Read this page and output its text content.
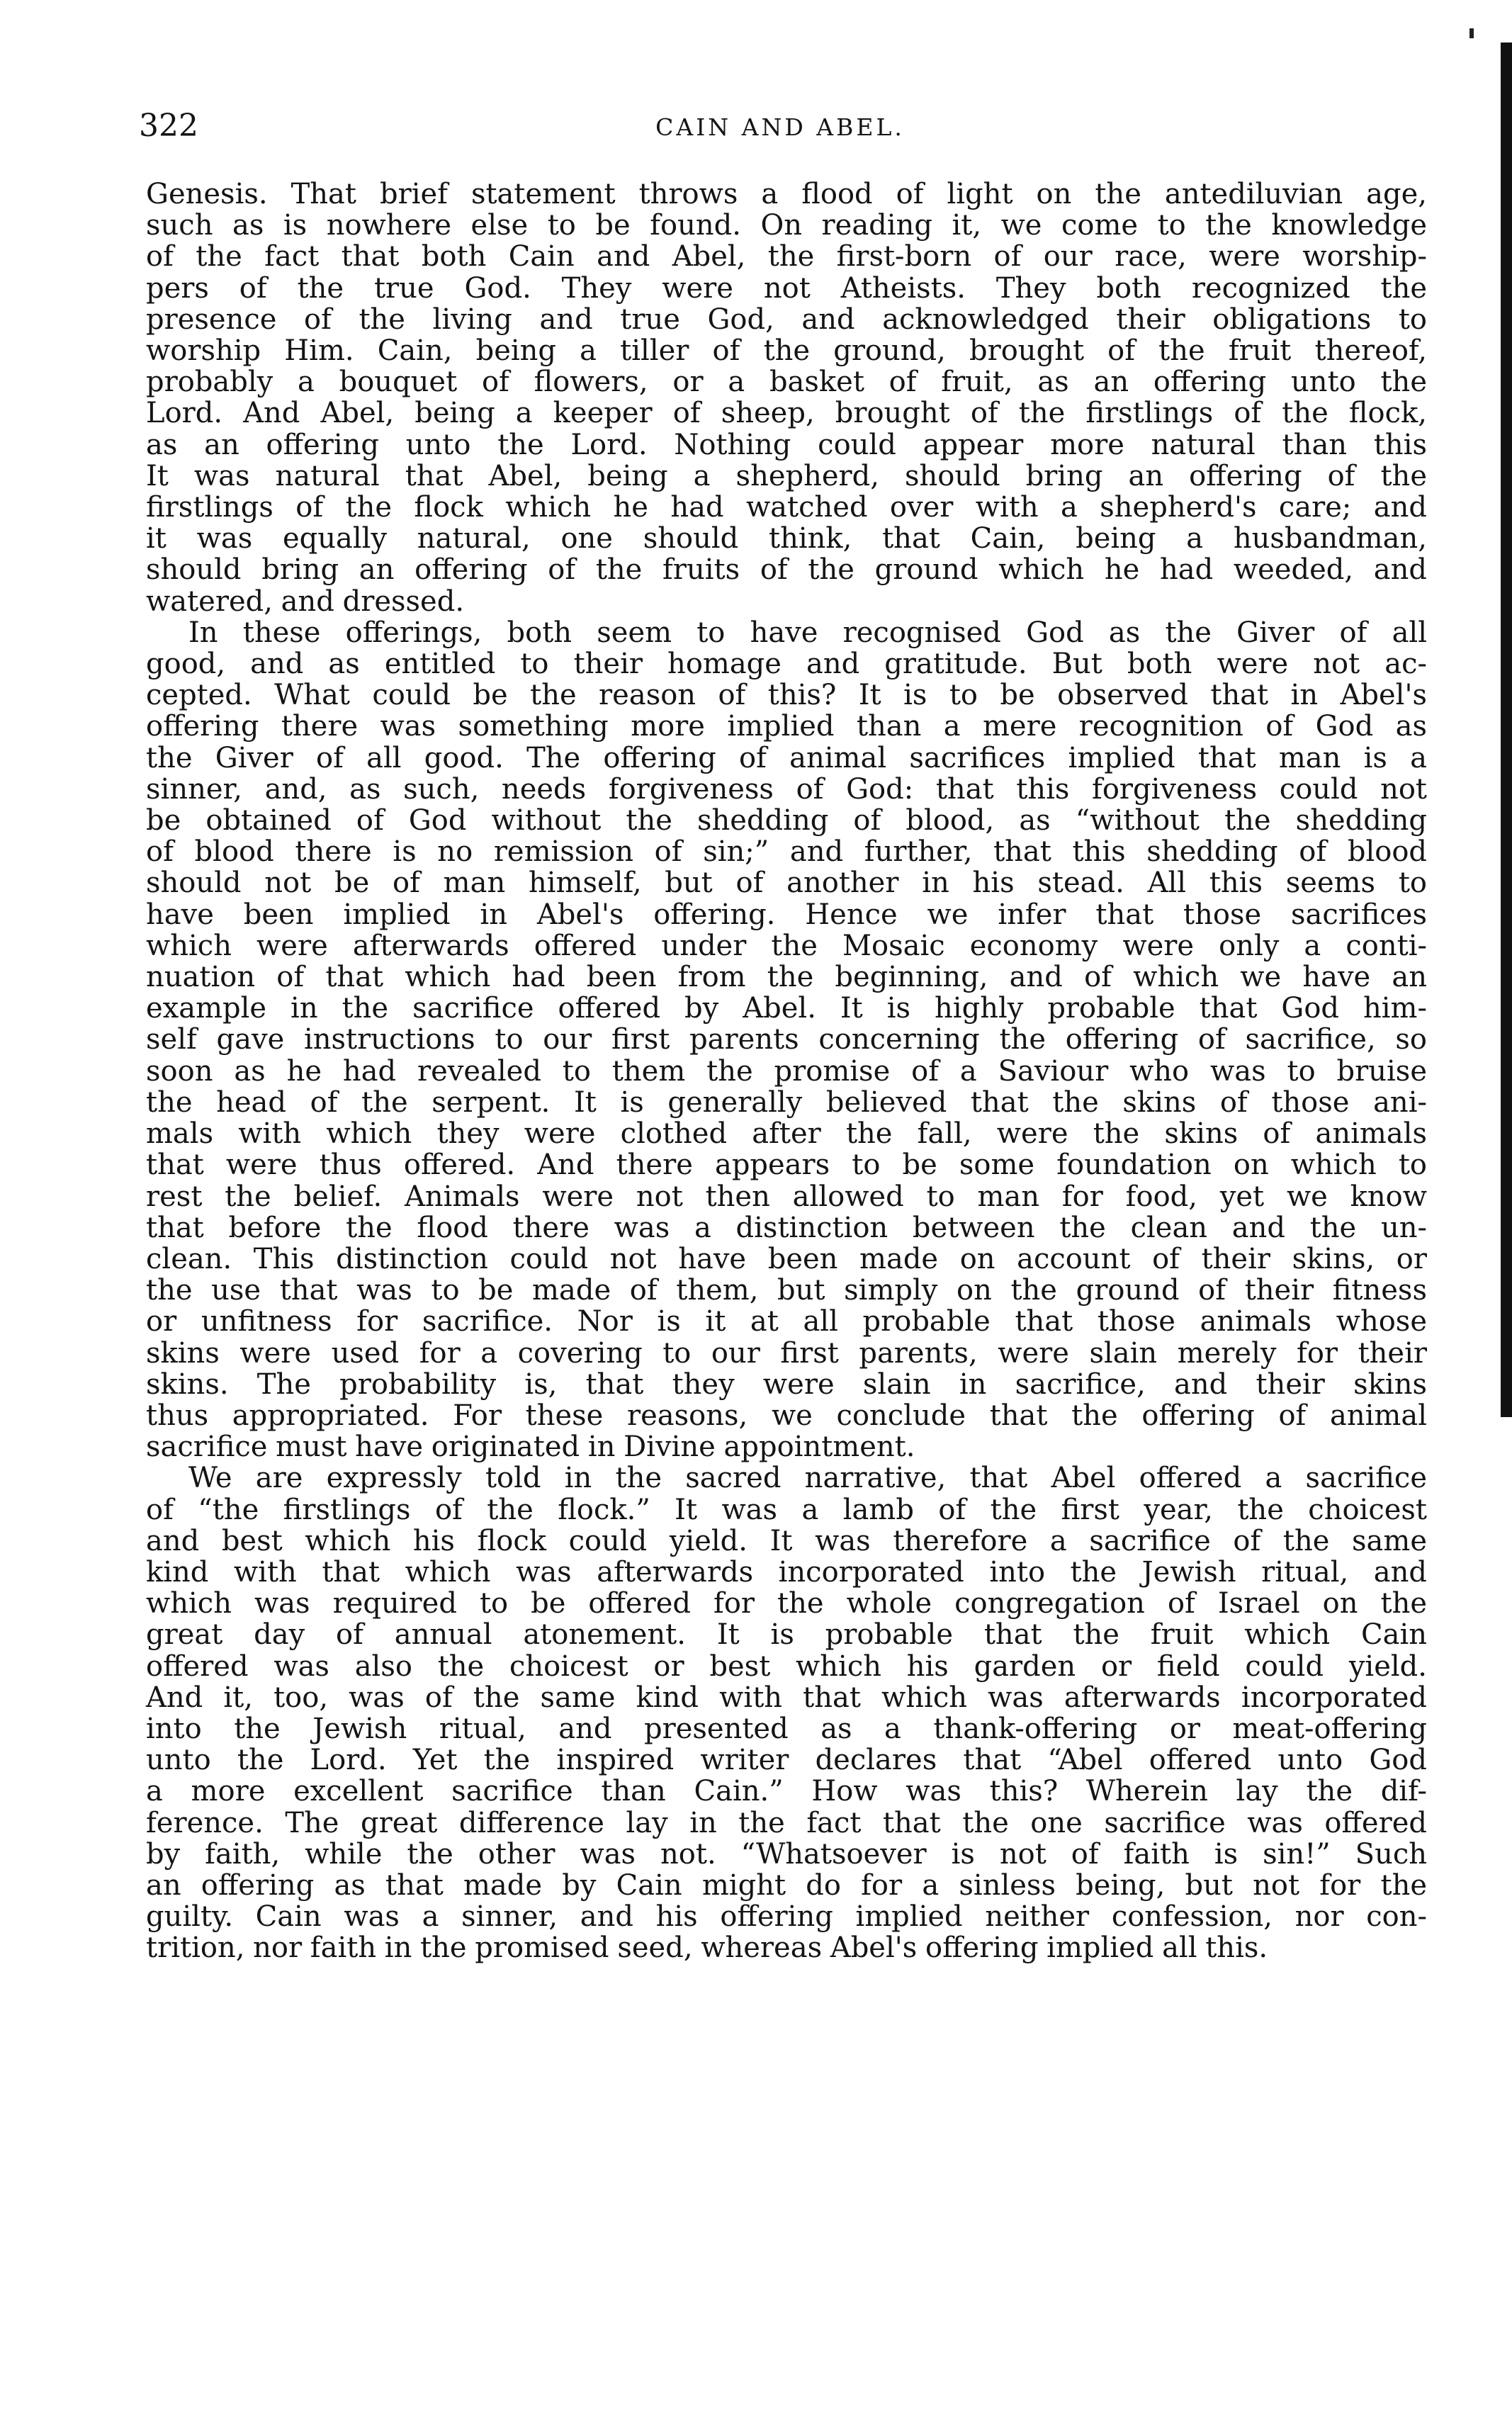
322	CAIN AND ABEL.

Genesis. That brief statement throws a flood of light on the antediluvian age,

such as is nowhere else to be found. On reading it, we come to the knowledge

of the fact that both Cain and Abel, the first-born of our race, were worship-

pers of the true God. They were not Atheists. They both recognized the

presence of the living and true God, and acknowledged their obligations to

worship Him. Cain, being a tiller of the ground, brought of the fruit thereof,

probably a bouquet of flowers, or a basket of fruit, as an offering unto the

Lord. And Abel, being a keeper of sheep, brought of the firstlings of the flock,

as an offering unto the Lord. Nothing could appear more natural than this

It was natural that Abel, being a shepherd, should bring an offering of the

firstlings of the flock which he had watched over with a shepherd's care; and

it was equally natural, one should think, that Cain, being a husbandman,

should bring an offering of the fruits of the ground which he had weeded, and

watered, and dressed.

In these offerings, both seem to have recognised God as the Giver of all

good, and as entitled to their homage and gratitude. But both were not ac-

cepted. What could be the reason of this? It is to be observed that in Abel's

offering there was something more implied than a mere recognition of God as

the Giver of all good. The offering of animal sacrifices implied that man is a

sinner, and, as such, needs forgiveness of God: that this forgiveness could not

be obtained of God without the shedding of blood, as “without the shedding

of blood there is no remission of sin;” and further, that this shedding of blood

should not be of man himself, but of another in his stead. All this seems to

have been implied in Abel's offering. Hence we infer that those sacrifices

which were afterwards offered under the Mosaic economy were only a conti-

nuation of that which had been from the beginning, and of which we have an

example in the sacrifice offered by Abel. It is highly probable that God him-

self gave instructions to our first parents concerning the offering of sacrifice, so

soon as he had revealed to them the promise of a Saviour who was to bruise

the head of the serpent. It is generally believed that the skins of those ani-

mals with which they were clothed after the fall, were the skins of animals

that were thus offered. And there appears to be some foundation on which to

rest the belief. Animals were not then allowed to man for food, yet we know

that before the flood there was a distinction between the clean and the un-

clean. This distinction could not have been made on account of their skins, or

the use that was to be made of them, but simply on the ground of their fitness

or unfitness for sacrifice. Nor is it at all probable that those animals whose

skins were used for a covering to our first parents, were slain merely for their

skins. The probability is, that they were slain in sacrifice, and their skins

thus appropriated. For these reasons, we conclude that the offering of animal

sacrifice must have originated in Divine appointment.

We are expressly told in the sacred narrative, that Abel offered a sacrifice

of “the firstlings of the flock.” It was a lamb of the first year, the choicest

and best which his flock could yield. It was therefore a sacrifice of the same

kind with that which was afterwards incorporated into the Jewish ritual, and

which was required to be offered for the whole congregation of Israel on the

great day of annual atonement. It is probable that the fruit which Cain

offered was also the choicest or best which his garden or field could yield.

And it, too, was of the same kind with that which was afterwards incorporated

into the Jewish ritual, and presented as a thank-offering or meat-offering

unto the Lord. Yet the inspired writer declares that “Abel offered unto God

a more excellent sacrifice than Cain.” How was this? Wherein lay the dif-

ference. The great difference lay in the fact that the one sacrifice was offered

by faith, while the other was not. “Whatsoever is not of faith is sin!” Such

an offering as that made by Cain might do for a sinless being, but not for the

guilty. Cain was a sinner, and his offering implied neither confession, nor con-

trition, nor faith in the promised seed, whereas Abel's offering implied all this.
